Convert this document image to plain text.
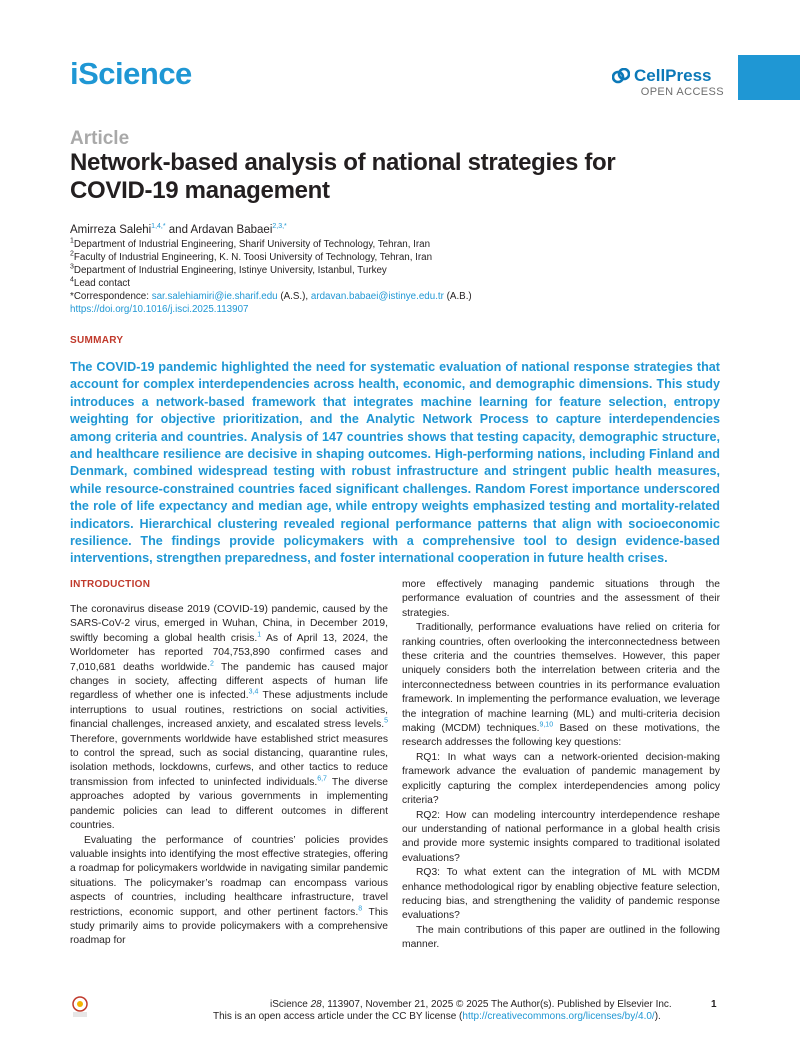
iScience	CellPress
OPEN ACCESS
Article
Network-based analysis of national strategies for COVID-19 management
Amirreza Salehi$^{1,4,*}$ and Ardavan Babaei$^{2,3,*}$
$^1$Department of Industrial Engineering, Sharif University of Technology, Tehran, Iran
$^2$Faculty of Industrial Engineering, K. N. Toosi University of Technology, Tehran, Iran
$^3$Department of Industrial Engineering, Istinye University, Istanbul, Turkey
$^4$Lead contact
*Correspondence: sar.salehiamiri@ie.sharif.edu (A.S.), ardavan.babaei@istinye.edu.tr (A.B.)
https://doi.org/10.1016/j.isci.2025.113907
SUMMARY
The COVID-19 pandemic highlighted the need for systematic evaluation of national response strategies that account for complex interdependencies across health, economic, and demographic dimensions. This study introduces a network-based framework that integrates machine learning for feature selection, entropy weighting for objective prioritization, and the Analytic Network Process to capture interdependencies among criteria and countries. Analysis of 147 countries shows that testing capacity, demographic structure, and healthcare resilience are decisive in shaping outcomes. High-performing nations, including Finland and Denmark, combined widespread testing with robust infrastructure and stringent public health measures, while resource-constrained countries faced significant challenges. Random Forest importance underscored the role of life expectancy and median age, while entropy weights emphasized testing and mortality-related indicators. Hierarchical clustering revealed regional performance patterns that align with socioeconomic resilience. The findings provide policymakers with a comprehensive tool to design evidence-based interventions, strengthen preparedness, and foster international cooperation in future health crises.
INTRODUCTION

The coronavirus disease 2019 (COVID-19) pandemic, caused by the SARS-CoV-2 virus, emerged in Wuhan, China, in December 2019, swiftly becoming a global health crisis.$^1$ As of April 13, 2024, the Worldometer has reported 704,753,890 confirmed cases and 7,010,681 deaths worldwide.$^2$ The pandemic has caused major changes in society, affecting different aspects of human life regardless of whether one is infected.$^{3,4}$ These adjustments include interruptions to usual routines, restrictions on social activities, financial challenges, increased anxiety, and escalated stress levels.$^5$ Therefore, governments worldwide have established strict measures to control the spread, such as social distancing, quarantine rules, isolation methods, lockdowns, curfews, and other tactics to reduce transmission from infected to uninfected individuals.$^{6,7}$ The diverse approaches adopted by various governments in implementing pandemic policies can lead to different outcomes in different countries.

Evaluating the performance of countries’ policies provides valuable insights into identifying the most effective strategies, offering a roadmap for policymakers worldwide in navigating similar pandemic situations. The policymaker’s roadmap can encompass various aspects of countries, including healthcare infrastructure, travel restrictions, economic support, and other pertinent factors.$^8$ This study primarily aims to provide policymakers with a comprehensive roadmap for

more effectively managing pandemic situations through the performance evaluation of countries and the assessment of their strategies.

Traditionally, performance evaluations have relied on criteria for ranking countries, often overlooking the interconnectedness between these criteria and the countries themselves. However, this paper uniquely considers both the interrelation between criteria and the interconnectedness between countries in its performance evaluation framework. In implementing the performance evaluation, we leverage the integration of machine learning (ML) and multi-criteria decision making (MCDM) techniques.$^{9,10}$ Based on these motivations, the research addresses the following key questions:

RQ1: In what ways can a network-oriented decision-making framework advance the evaluation of pandemic management by explicitly capturing the complex interdependencies among policy criteria?

RQ2: How can modeling intercountry interdependence reshape our understanding of national performance in a global health crisis and provide more systemic insights compared to traditional isolated evaluations?

RQ3: To what extent can the integration of ML with MCDM enhance methodological rigor by enabling objective feature selection, reducing bias, and strengthening the validity of pandemic response evaluations?

The main contributions of this paper are outlined in the following manner.

iScience 28, 113907, November 21, 2025 © 2025 The Author(s). Published by Elsevier Inc.	1
This is an open access article under the CC BY license (http://creativecommons.org/licenses/by/4.0/).
